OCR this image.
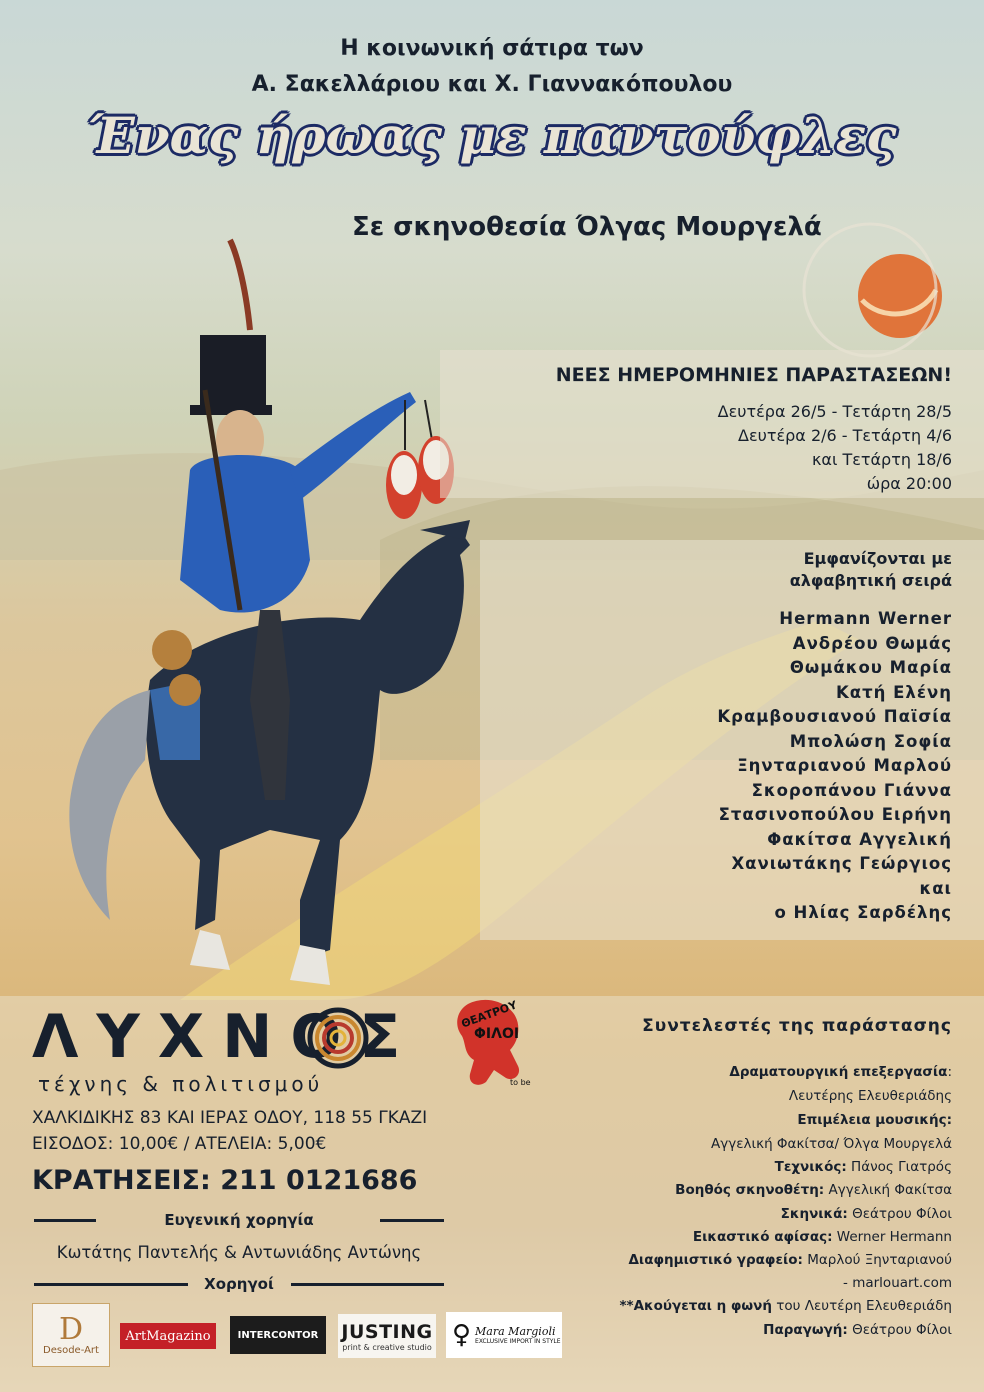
Η κοινωνική σάτιρα των
Α. Σακελλάριου και Χ. Γιαννακόπουλου
Ένας ήρωας με παντούφλες
Σε σκηνοθεσία Όλγας Μουργελά
ΝΕΕΣ ΗΜΕΡΟΜΗΝΙΕΣ ΠΑΡΑΣΤΑΣΕΩΝ!
Δευτέρα 26/5 - Τετάρτη 28/5
Δευτέρα 2/6 - Τετάρτη 4/6
και Τετάρτη 18/6
ώρα 20:00
Εμφανίζονται με
αλφαβητική σειρά
Hermann Werner
Ανδρέου Θωμάς
Θωμάκου Μαρία
Κατή Ελένη
Κραμβουσιανού Παϊσία
Μπολώση Σοφία
Ξηνταριανού Μαρλού
Σκοροπάνου Γιάννα
Στασινοπούλου Ειρήνη
Φακίτσα Αγγελική
Χανιωτάκης Γεώργιος
και
ο Ηλίας Σαρδέλης
Συντελεστές της παράστασης
Δραματουργική επεξεργασία:
Λευτέρης Ελευθεριάδης
Επιμέλεια μουσικής:
Αγγελική Φακίτσα/ Όλγα Μουργελά
Τεχνικός: Πάνος Γιατρός
Βοηθός σκηνοθέτη: Αγγελική Φακίτσα
Σκηνικά: Θεάτρου Φίλοι
Εικαστικό αφίσας: Werner Hermann
Διαφημιστικό γραφείο: Μαρλού Ξηνταριανού
- marlouart.com
**Ακούγεται η φωνή του Λευτέρη Ελευθεριάδη
Παραγωγή: Θεάτρου Φίλοι
ΛΥΧΝΟΣ
τέχνης & πολιτισμού
ΧΑΛΚΙΔΙΚΗΣ 83 ΚΑΙ ΙΕΡΑΣ ΟΔΟΥ, 118 55 ΓΚΑΖΙ
ΕΙΣΟΔΟΣ: 10,00€ / ΑΤΕΛΕΙΑ: 5,00€
ΚΡΑΤΗΣΕΙΣ: 211 0121686
ΘΕΑΤΡΟΥ
ΦΙΛΟΙ
to be
Ευγενική χορηγία
Κωτάτης Παντελής & Αντωνιάδης Αντώνης
Χορηγοί
D
Desode-Art
ArtMagazino	INTERCONTOR	JUSTING
print & creative studio ♀ Mara Margioli
EXCLUSIVE IMPORT IN STYLE
